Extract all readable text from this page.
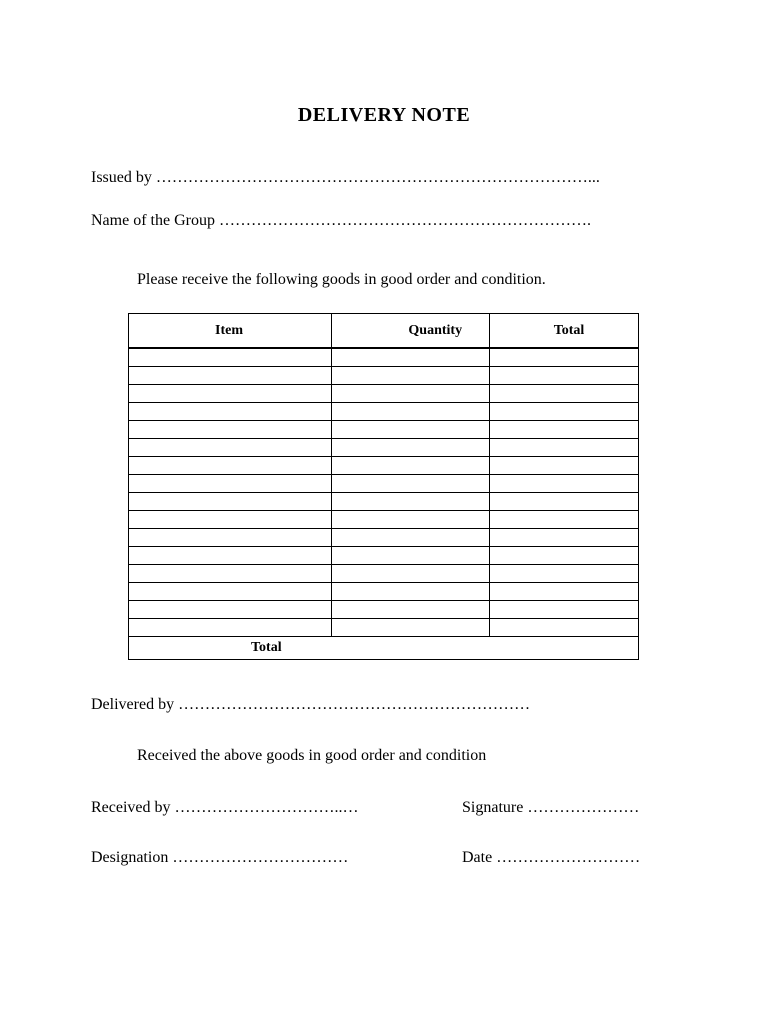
DELIVERY NOTE
Issued by ………………………………………………………………………...
Name of the Group …………………………………………………………….
Please receive the following goods in good order and condition.
Item	Quantity	Total

Total		
Delivered by …………………………………………………………
Received the above goods in good order and condition
Received by …………………………..…	Signature …………………
Designation ……………………………	Date ………………………
